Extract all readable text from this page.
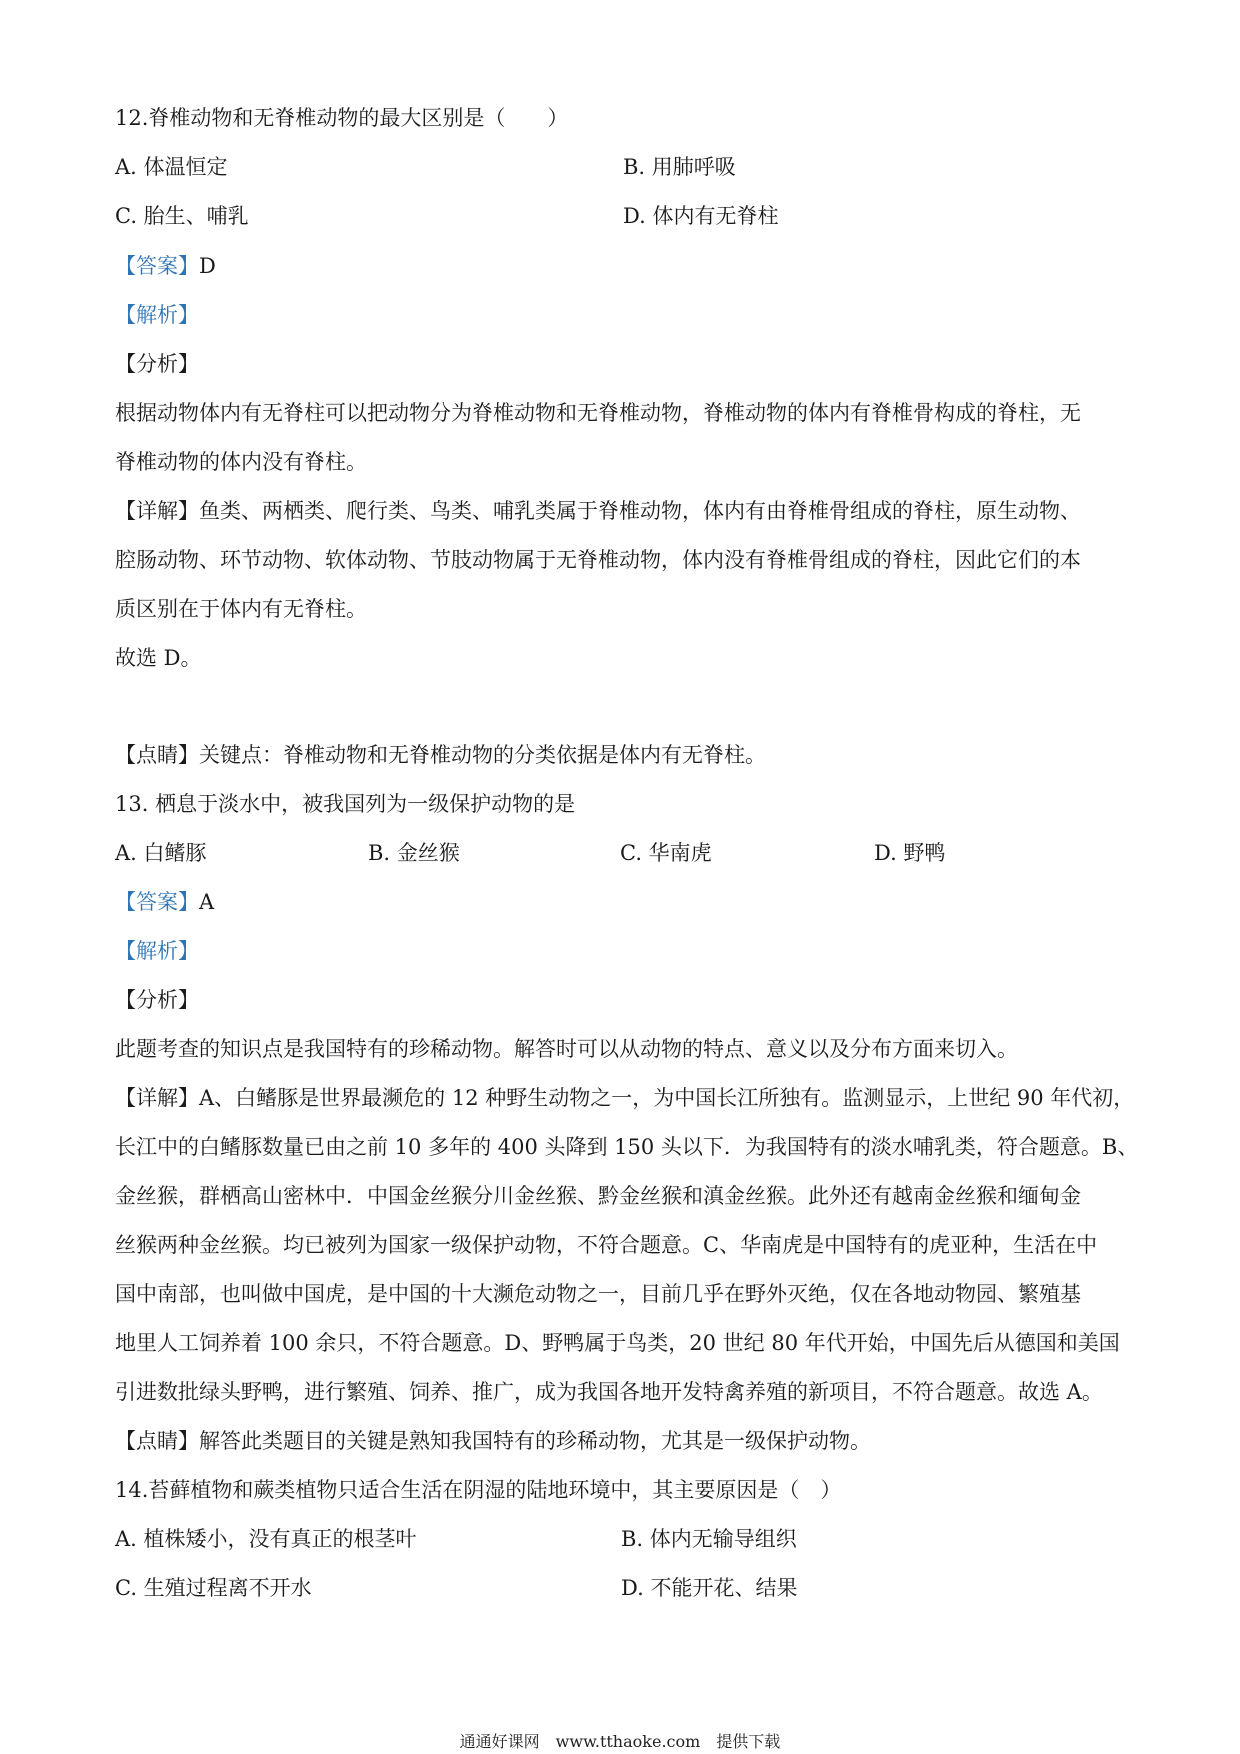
12.脊椎动物和无脊椎动物的最大区别是（　　）
A. 体温恒定	B. 用肺呼吸
C. 胎生、哺乳	D. 体内有无脊柱
【答案】D
【解析】
【分析】
根据动物体内有无脊柱可以把动物分为脊椎动物和无脊椎动物，脊椎动物的体内有脊椎骨构成的脊柱，无
脊椎动物的体内没有脊柱。
【详解】鱼类、两栖类、爬行类、鸟类、哺乳类属于脊椎动物，体内有由脊椎骨组成的脊柱，原生动物、
腔肠动物、环节动物、软体动物、节肢动物属于无脊椎动物，体内没有脊椎骨组成的脊柱，因此它们的本
质区别在于体内有无脊柱。
故选 D。
【点睛】关键点：脊椎动物和无脊椎动物的分类依据是体内有无脊柱。
13. 栖息于淡水中，被我国列为一级保护动物的是
A. 白鳍豚	B. 金丝猴	C. 华南虎	D. 野鸭
【答案】A
【解析】
【分析】
此题考查的知识点是我国特有的珍稀动物。解答时可以从动物的特点、意义以及分布方面来切入。
【详解】A、白鳍豚是世界最濒危的 12 种野生动物之一，为中国长江所独有。监测显示，上世纪 90 年代初，
长江中的白鳍豚数量已由之前 10 多年的 400 头降到 150 头以下．为我国特有的淡水哺乳类，符合题意。B、
金丝猴，群栖高山密林中．中国金丝猴分川金丝猴、黔金丝猴和滇金丝猴。此外还有越南金丝猴和缅甸金
丝猴两种金丝猴。均已被列为国家一级保护动物，不符合题意。C、华南虎是中国特有的虎亚种，生活在中
国中南部，也叫做中国虎，是中国的十大濒危动物之一，目前几乎在野外灭绝，仅在各地动物园、繁殖基
地里人工饲养着 100 余只，不符合题意。D、野鸭属于鸟类，20 世纪 80 年代开始，中国先后从德国和美国
引进数批绿头野鸭，进行繁殖、饲养、推广，成为我国各地开发特禽养殖的新项目，不符合题意。故选 A。
【点睛】解答此类题目的关键是熟知我国特有的珍稀动物，尤其是一级保护动物。
14.苔藓植物和蕨类植物只适合生活在阴湿的陆地环境中，其主要原因是（　）
A. 植株矮小，没有真正的根茎叶	B. 体内无输导组织
C. 生殖过程离不开水	D. 不能开花、结果
通通好课网　www.tthaoke.com　提供下载
